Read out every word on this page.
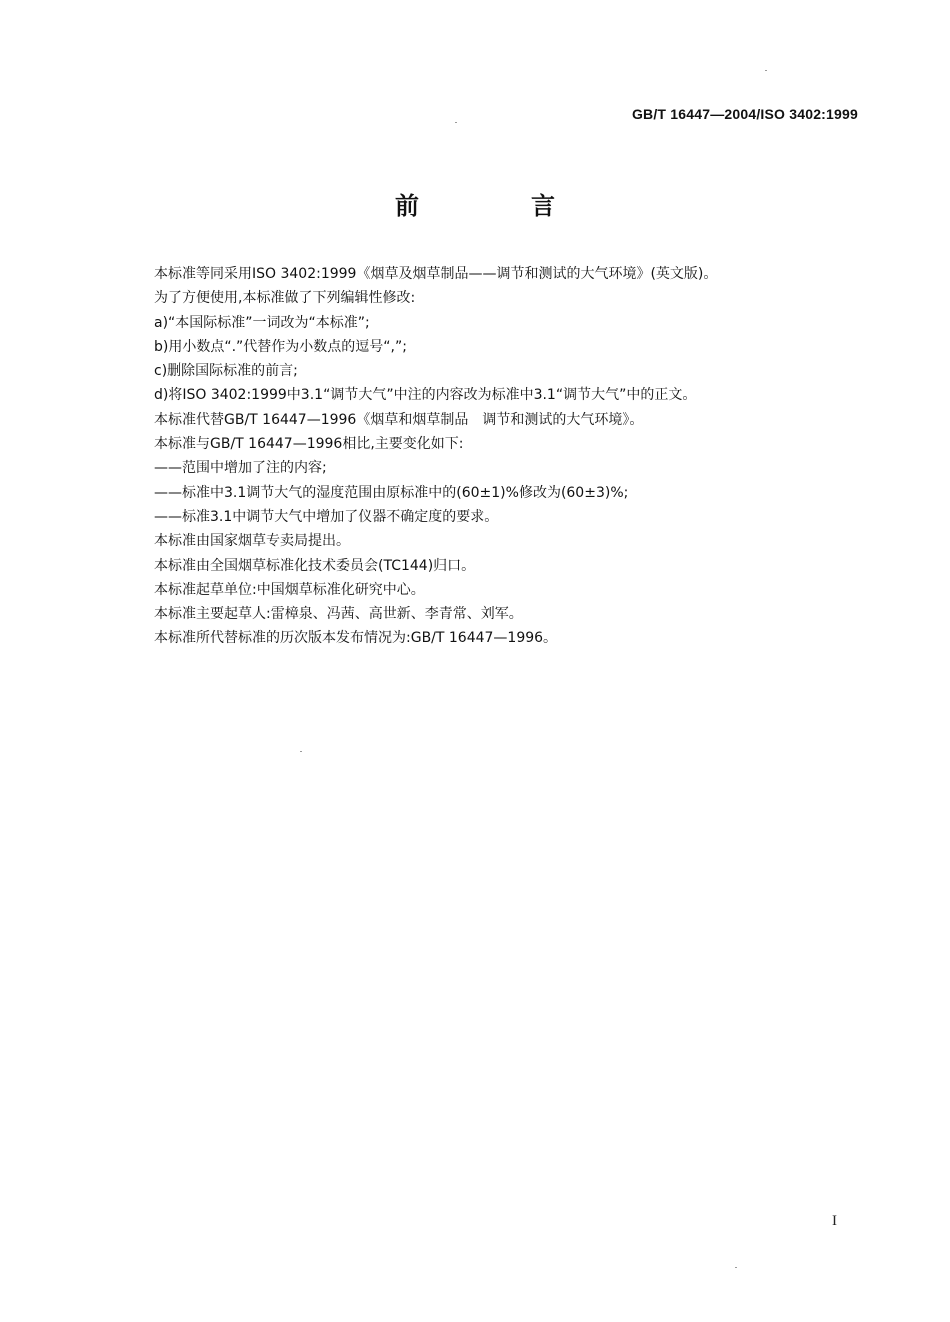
GB/T 16447—2004/ISO 3402:1999
前　言
本标准等同采用ISO 3402:1999《烟草及烟草制品——调节和测试的大气环境》(英文版)。
为了方便使用,本标准做了下列编辑性修改:
a)“本国际标准”一词改为“本标准”;
b)用小数点“.”代替作为小数点的逗号“,”;
c)删除国际标准的前言;
d)将ISO 3402:1999中3.1“调节大气”中注的内容改为标准中3.1“调节大气”中的正文。
本标准代替GB/T 16447—1996《烟草和烟草制品　调节和测试的大气环境》。
本标准与GB/T 16447—1996相比,主要变化如下:
——范围中增加了注的内容;
——标准中3.1调节大气的湿度范围由原标准中的(60±1)%修改为(60±3)%;
——标准3.1中调节大气中增加了仪器不确定度的要求。
本标准由国家烟草专卖局提出。
本标准由全国烟草标准化技术委员会(TC144)归口。
本标准起草单位:中国烟草标准化研究中心。
本标准主要起草人:雷樟泉、冯茜、高世新、李青常、刘军。
本标准所代替标准的历次版本发布情况为:GB/T 16447—1996。
I
